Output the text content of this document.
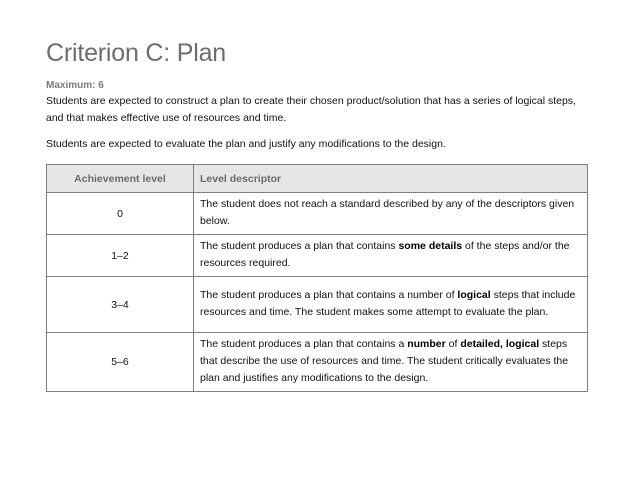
Criterion C: Plan
Maximum: 6

Students are expected to construct a plan to create their chosen product/solution that has a series of logical steps, and that makes effective use of resources and time.

Students are expected to evaluate the plan and justify any modifications to the design.

Achievement level	Level descriptor
0	The student does not reach a standard described by any of the descriptors given below.
1–2	The student produces a plan that contains some details of the steps and/or the resources required.
3–4	The student produces a plan that contains a number of logical steps that include resources and time. The student makes some attempt to evaluate the plan.
5–6	The student produces a plan that contains a number of detailed, logical steps that describe the use of resources and time. The student critically evaluates the plan and justifies any modifications to the design.
